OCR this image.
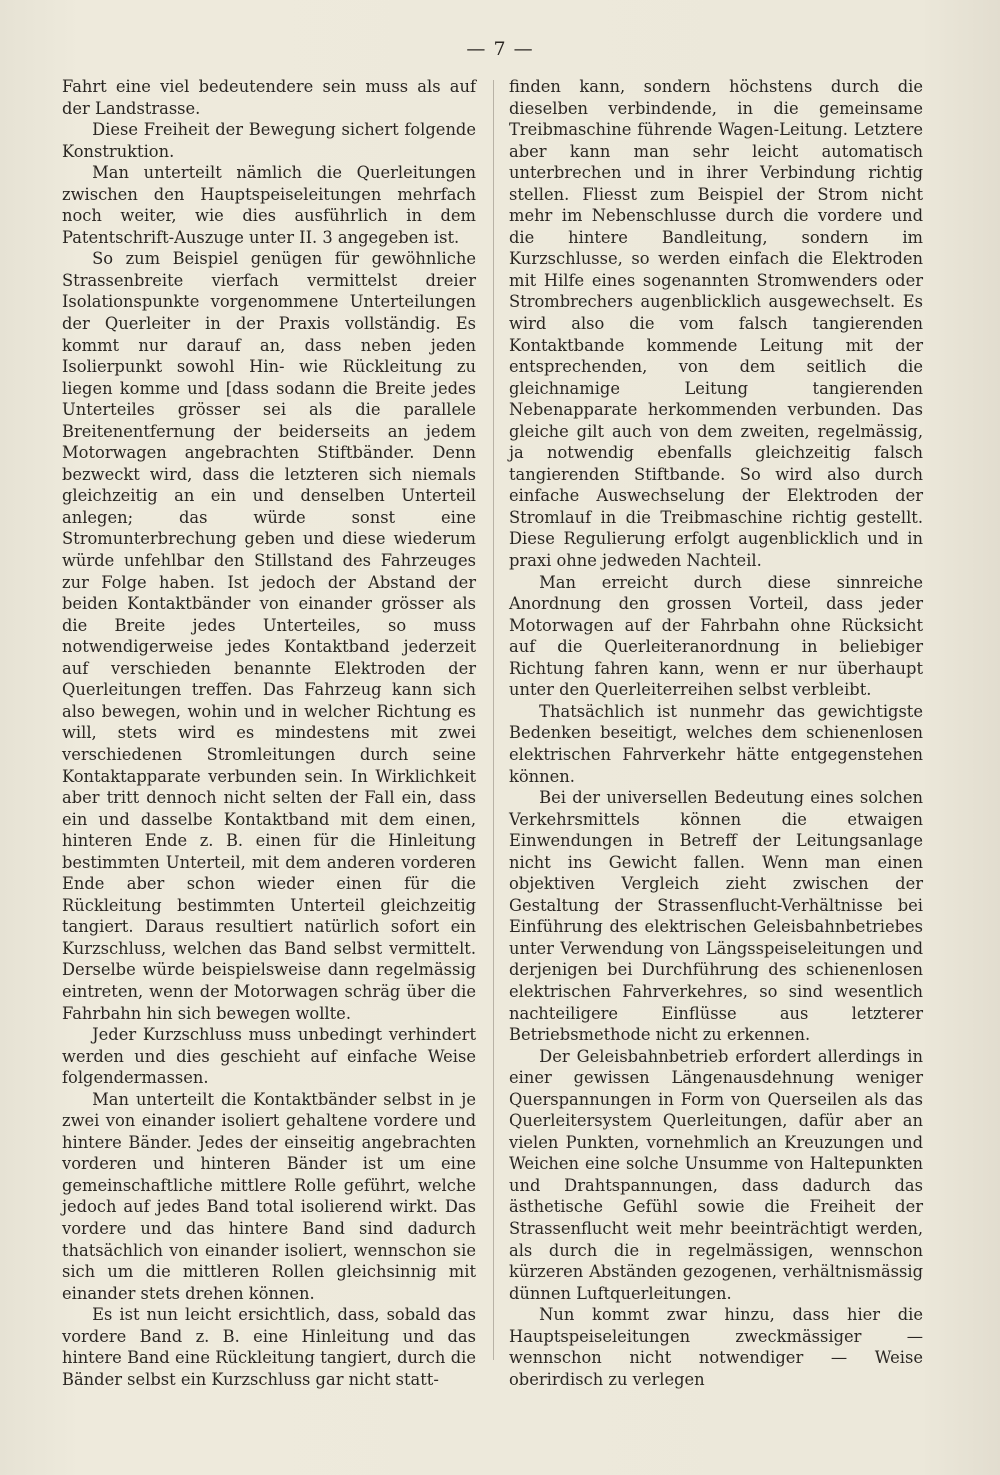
— 7 —

Fahrt eine viel bedeutendere sein muss als auf der Landstrasse.

Diese Freiheit der Bewegung sichert folgende Konstruktion.

Man unterteilt nämlich die Querleitungen zwischen den Hauptspeiseleitungen mehrfach noch weiter, wie dies ausführlich in dem Patentschrift-Auszuge unter II. 3 angegeben ist.

So zum Beispiel genügen für gewöhnliche Strassenbreite vierfach vermittelst dreier Isolationspunkte vorgenommene Unterteilungen der Querleiter in der Praxis vollständig. Es kommt nur darauf an, dass neben jeden Isolierpunkt sowohl Hin- wie Rückleitung zu liegen komme und [dass sodann die Breite jedes Unterteiles grösser sei als die parallele Breitenentfernung der beiderseits an jedem Motorwagen angebrachten Stiftbänder. Denn bezweckt wird, dass die letzteren sich niemals gleichzeitig an ein und denselben Unterteil anlegen; das würde sonst eine Stromunterbrechung geben und diese wiederum würde unfehlbar den Stillstand des Fahrzeuges zur Folge haben. Ist jedoch der Abstand der beiden Kontaktbänder von einander grösser als die Breite jedes Unterteiles, so muss notwendigerweise jedes Kontaktband jederzeit auf verschieden benannte Elektroden der Querleitungen treffen. Das Fahrzeug kann sich also bewegen, wohin und in welcher Richtung es will, stets wird es mindestens mit zwei verschiedenen Stromleitungen durch seine Kontaktapparate verbunden sein. In Wirklichkeit aber tritt dennoch nicht selten der Fall ein, dass ein und dasselbe Kontaktband mit dem einen, hinteren Ende z. B. einen für die Hinleitung bestimmten Unterteil, mit dem anderen vorderen Ende aber schon wieder einen für die Rückleitung bestimmten Unterteil gleichzeitig tangiert. Daraus resultiert natürlich sofort ein Kurzschluss, welchen das Band selbst vermittelt. Derselbe würde beispielsweise dann regelmässig eintreten, wenn der Motorwagen schräg über die Fahrbahn hin sich bewegen wollte.

Jeder Kurzschluss muss unbedingt verhindert werden und dies geschieht auf einfache Weise folgendermassen.

Man unterteilt die Kontaktbänder selbst in je zwei von einander isoliert gehaltene vordere und hintere Bänder. Jedes der einseitig angebrachten vorderen und hinteren Bänder ist um eine gemeinschaftliche mittlere Rolle geführt, welche jedoch auf jedes Band total isolierend wirkt. Das vordere und das hintere Band sind dadurch thatsächlich von einander isoliert, wennschon sie sich um die mittleren Rollen gleichsinnig mit einander stets drehen können.

Es ist nun leicht ersichtlich, dass, sobald das vordere Band z. B. eine Hinleitung und das hintere Band eine Rückleitung tangiert, durch die Bänder selbst ein Kurzschluss gar nicht statt-

finden kann, sondern höchstens durch die dieselben verbindende, in die gemeinsame Treibmaschine führende Wagen-Leitung. Letztere aber kann man sehr leicht automatisch unterbrechen und in ihrer Verbindung richtig stellen. Fliesst zum Beispiel der Strom nicht mehr im Nebenschlusse durch die vordere und die hintere Bandleitung, sondern im Kurzschlusse, so werden einfach die Elektroden mit Hilfe eines sogenannten Stromwenders oder Strombrechers augenblicklich ausgewechselt. Es wird also die vom falsch tangierenden Kontaktbande kommende Leitung mit der entsprechenden, von dem seitlich die gleichnamige Leitung tangierenden Nebenapparate herkommenden verbunden. Das gleiche gilt auch von dem zweiten, regelmässig, ja notwendig ebenfalls gleichzeitig falsch tangierenden Stiftbande. So wird also durch einfache Auswechselung der Elektroden der Stromlauf in die Treibmaschine richtig gestellt. Diese Regulierung erfolgt augenblicklich und in praxi ohne jedweden Nachteil.

Man erreicht durch diese sinnreiche Anordnung den grossen Vorteil, dass jeder Motorwagen auf der Fahrbahn ohne Rücksicht auf die Querleiteranordnung in beliebiger Richtung fahren kann, wenn er nur überhaupt unter den Querleiterreihen selbst verbleibt.

Thatsächlich ist nunmehr das gewichtigste Bedenken beseitigt, welches dem schienenlosen elektrischen Fahrverkehr hätte entgegenstehen können.

Bei der universellen Bedeutung eines solchen Verkehrsmittels können die etwaigen Einwendungen in Betreff der Leitungsanlage nicht ins Gewicht fallen. Wenn man einen objektiven Vergleich zieht zwischen der Gestaltung der Strassenflucht-Verhältnisse bei Einführung des elektrischen Geleisbahnbetriebes unter Verwendung von Längsspeiseleitungen und derjenigen bei Durchführung des schienenlosen elektrischen Fahrverkehres, so sind wesentlich nachteiligere Einflüsse aus letzterer Betriebsmethode nicht zu erkennen.

Der Geleisbahnbetrieb erfordert allerdings in einer gewissen Längenausdehnung weniger Querspannungen in Form von Querseilen als das Querleitersystem Querleitungen, dafür aber an vielen Punkten, vornehmlich an Kreuzungen und Weichen eine solche Unsumme von Haltepunkten und Drahtspannungen, dass dadurch das ästhetische Gefühl sowie die Freiheit der Strassenflucht weit mehr beeinträchtigt werden, als durch die in regelmässigen, wennschon kürzeren Abständen gezogenen, verhältnismässig dünnen Luftquerleitungen.

Nun kommt zwar hinzu, dass hier die Hauptspeiseleitungen zweckmässiger — wennschon nicht notwendiger — Weise oberirdisch zu verlegen
